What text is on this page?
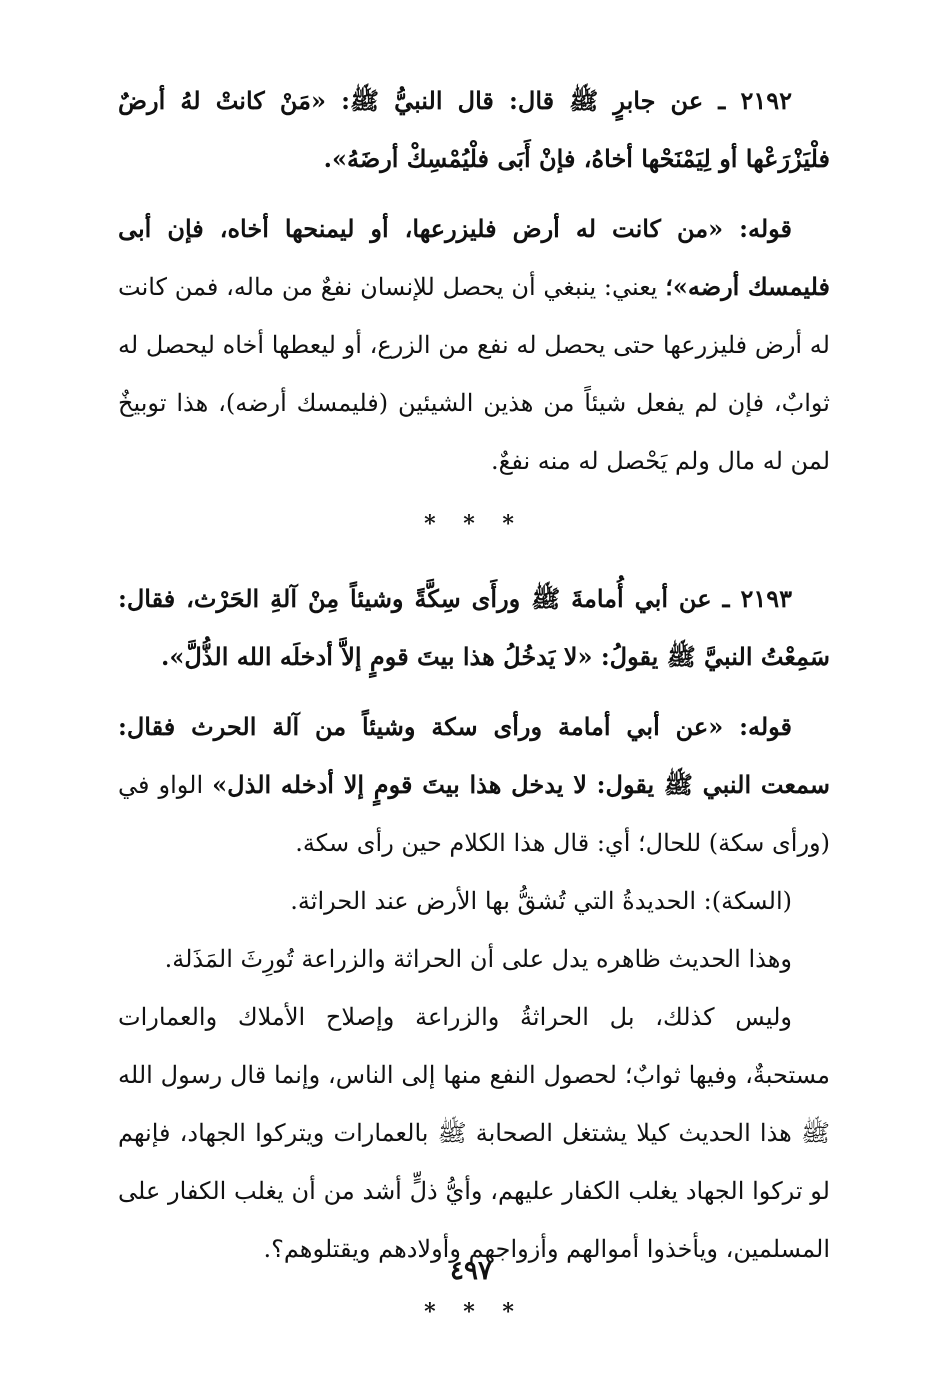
٢١٩٢ ـ عن جابرٍ ﷺ قال: قال النبيُّ ﷺ: «مَنْ كانتْ لهُ أرضٌ فلْيَزْرَعْها أو لِيَمْنَحْها أخاهُ، فإنْ أَبَى فلْيُمْسِكْ أرضَهُ».

قوله: «من كانت له أرض فليزرعها، أو ليمنحها أخاه، فإن أبى فليمسك أرضه»؛ يعني: ينبغي أن يحصل للإنسان نفعٌ من ماله، فمن كانت له أرض فليزرعها حتى يحصل له نفع من الزرع، أو ليعطها أخاه ليحصل له ثوابٌ، فإن لم يفعل شيئاً من هذين الشيئين (فليمسك أرضه)، هذا توبيخٌ لمن له مال ولم يَحْصل له منه نفعٌ.

* * *

٢١٩٣ ـ عن أبي أُمامةَ ﷺ ورأَى سِكَّةً وشيئاً مِنْ آلةِ الحَرْث، فقال: سَمِعْتُ النبيَّ ﷺ يقولُ: «لا يَدخُلُ هذا بيتَ قومٍ إلاَّ أدخلَه الله الذُّلَّ».

قوله: «عن أبي أمامة ورأى سكة وشيئاً من آلة الحرث فقال: سمعت النبي ﷺ يقول: لا يدخل هذا بيتَ قومٍ إلا أدخله الذل» الواو في (ورأى سكة) للحال؛ أي: قال هذا الكلام حين رأى سكة.

(السكة): الحديدةُ التي تُشقُّ بها الأرض عند الحراثة.

وهذا الحديث ظاهره يدل على أن الحراثة والزراعة تُورِثَ المَذَلة.

وليس كذلك، بل الحراثةُ والزراعة وإصلاح الأملاك والعمارات مستحبةٌ، وفيها ثوابٌ؛ لحصول النفع منها إلى الناس، وإنما قال رسول الله ﷺ هذا الحديث كيلا يشتغل الصحابة ﷺ بالعمارات ويتركوا الجهاد، فإنهم لو تركوا الجهاد يغلب الكفار عليهم، وأيُّ ذلٍّ أشد من أن يغلب الكفار على المسلمين، ويأخذوا أموالهم وأزواجهم وأولادهم ويقتلوهم؟.

* * *
٤٩٧
